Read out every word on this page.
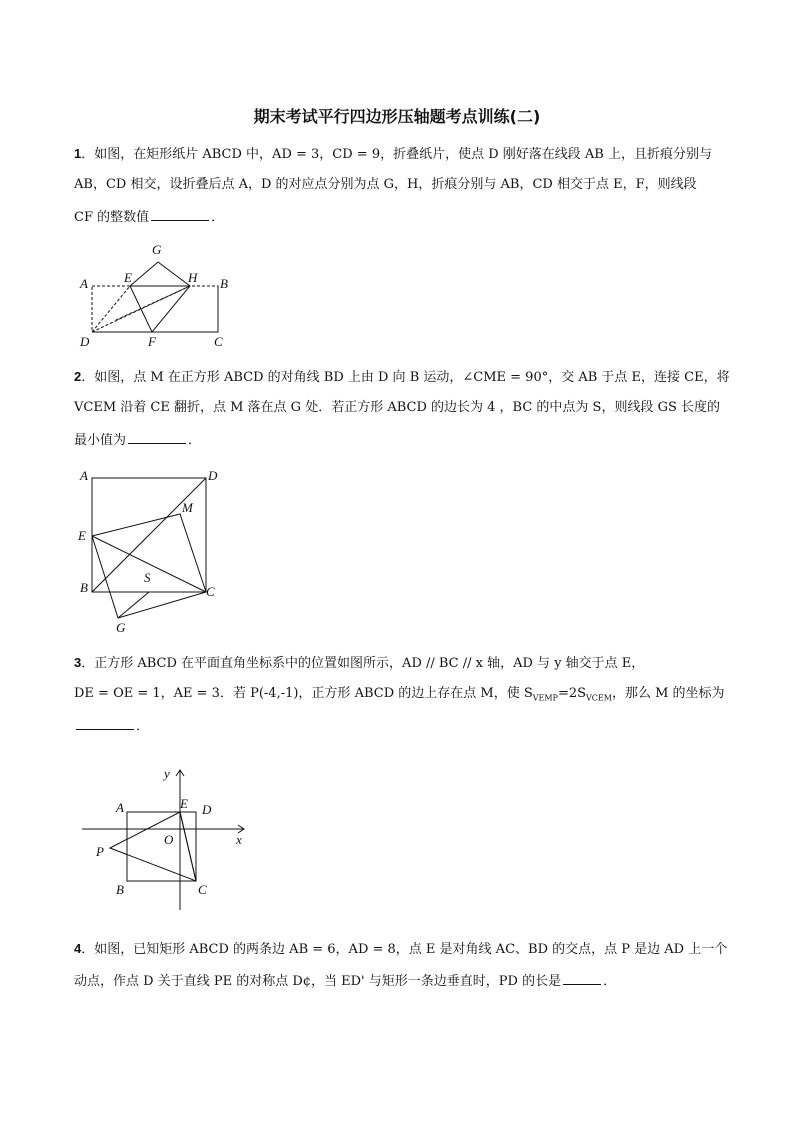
期末考试平行四边形压轴题考点训练(二)
1．如图，在矩形纸片 ABCD 中，AD = 3，CD = 9，折叠纸片，使点 D 刚好落在线段 AB 上，且折痕分别与
AB，CD 相交，设折叠后点 A，D 的对应点分别为点 G，H，折痕分别与 AB，CD 相交于点 E，F，则线段
CF 的整数值	．
A	B
C
D
E
F
G
H
2．如图，点 M 在正方形 ABCD 的对角线 BD 上由 D 向 B 运动，∠CME = 90°，交 AB 于点 E，连接 CE，将
VCEM 沿着 CE 翻折，点 M 落在点 G 处．若正方形 ABCD 的边长为 4 ，BC 的中点为 S，则线段 GS 长度的
最小值为	．
A	D
E
M
B
S
C
G
3．正方形 ABCD 在平面直角坐标系中的位置如图所示，AD // BC // x 轴，AD 与 y 轴交于点 E，
DE = OE = 1，AE = 3．若 P(-4,-1)，正方形 ABCD 的边上存在点 M，使 $S_{VEMP}=2S_{VCEM}$，那么 M 的坐标为
．
A	E D
O
P
B	C
x
y
4．如图，已知矩形 ABCD 的两条边 AB = 6，AD = 8，点 E 是对角线 AC、BD 的交点，点 P 是边 AD 上一个
动点，作点 D 关于直线 PE 的对称点 D¢，当 ED' 与矩形一条边垂直时，PD 的长是	．
